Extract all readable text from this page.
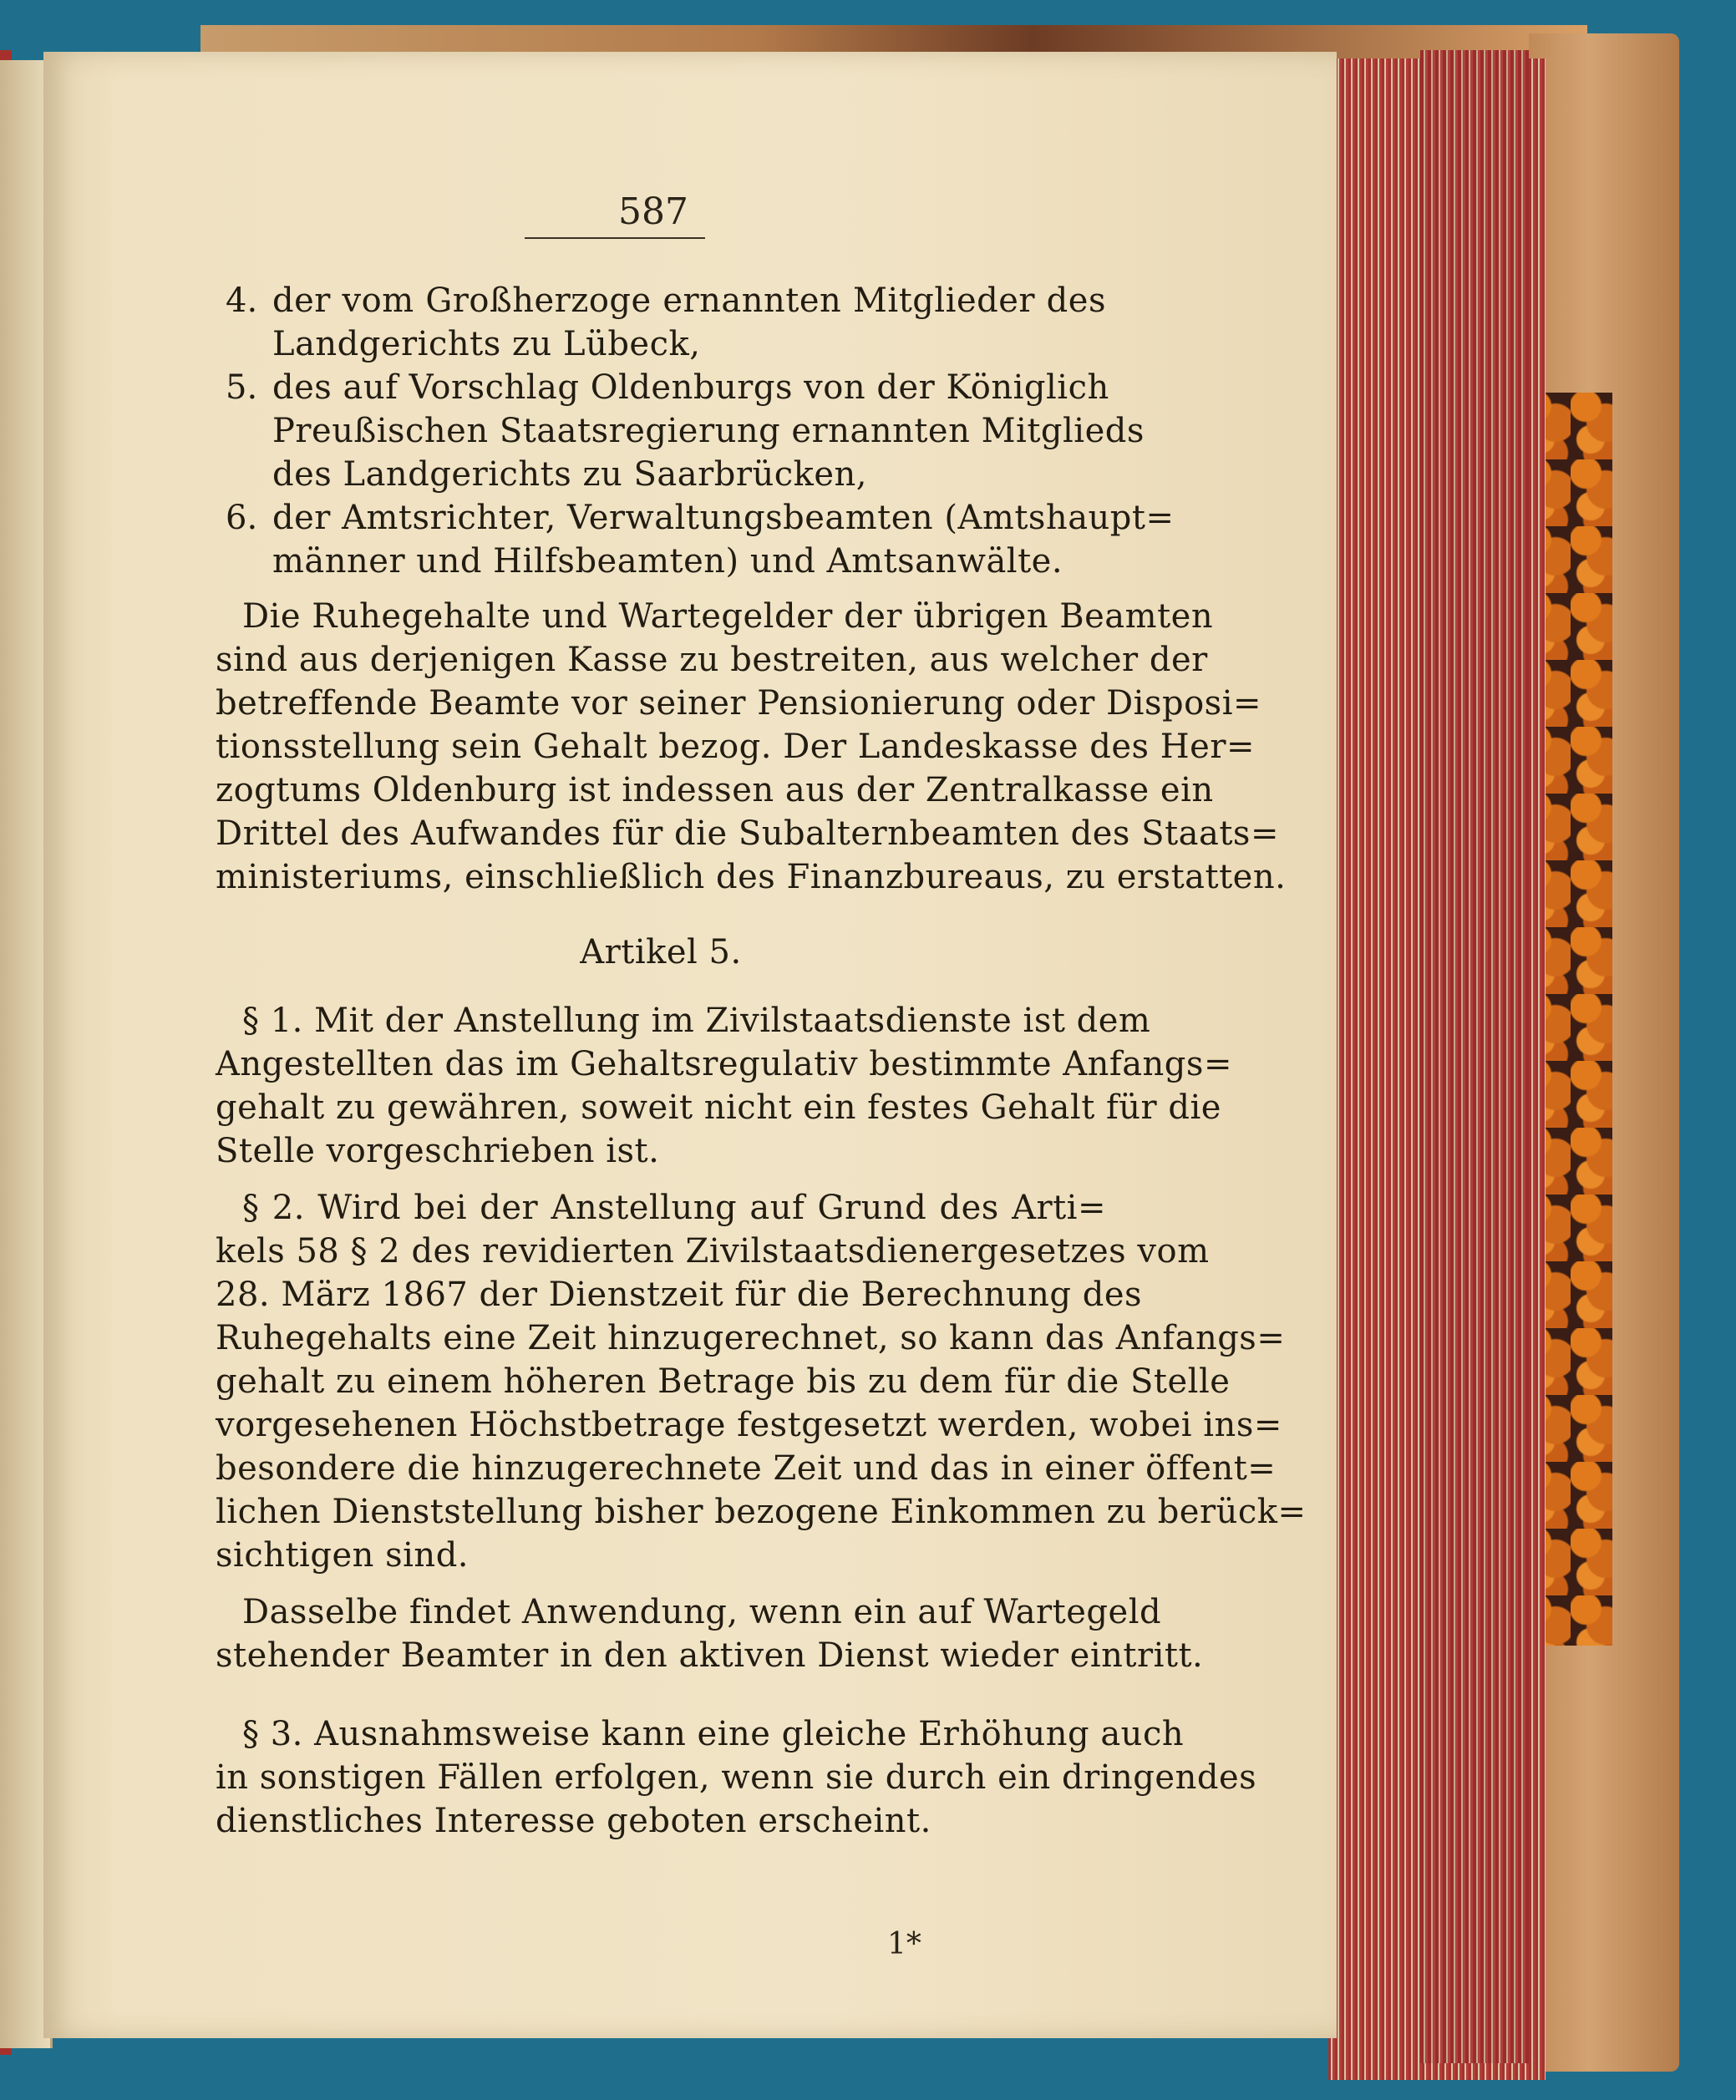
587
4. der vom Großherzoge ernannten Mitglieder des
Landgerichts zu Lübeck,
5. des auf Vorschlag Oldenburgs von der Königlich
Preußischen Staatsregierung ernannten Mitglieds
des Landgerichts zu Saarbrücken,
6. der Amtsrichter, Verwaltungsbeamten (Amtshaupt=
männer und Hilfsbeamten) und Amtsanwälte.
Die Ruhegehalte und Wartegelder der übrigen Beamten
sind aus derjenigen Kasse zu bestreiten, aus welcher der
betreffende Beamte vor seiner Pensionierung oder Disposi=
tionsstellung sein Gehalt bezog. Der Landeskasse des Her=
zogtums Oldenburg ist indessen aus der Zentralkasse ein
Drittel des Aufwandes für die Subalternbeamten des Staats=
ministeriums, einschließlich des Finanzbureaus, zu erstatten.
Artikel 5.
§ 1. Mit der Anstellung im Zivilstaatsdienste ist dem
Angestellten das im Gehaltsregulativ bestimmte Anfangs=
gehalt zu gewähren, soweit nicht ein festes Gehalt für die
Stelle vorgeschrieben ist.
§ 2. Wird bei der Anstellung auf Grund des Arti=
kels 58 § 2 des revidierten Zivilstaatsdienergesetzes vom
28. März 1867 der Dienstzeit für die Berechnung des
Ruhegehalts eine Zeit hinzugerechnet, so kann das Anfangs=
gehalt zu einem höheren Betrage bis zu dem für die Stelle
vorgesehenen Höchstbetrage festgesetzt werden, wobei ins=
besondere die hinzugerechnete Zeit und das in einer öffent=
lichen Dienststellung bisher bezogene Einkommen zu berück=
sichtigen sind.
Dasselbe findet Anwendung, wenn ein auf Wartegeld
stehender Beamter in den aktiven Dienst wieder eintritt.
§ 3. Ausnahmsweise kann eine gleiche Erhöhung auch
in sonstigen Fällen erfolgen, wenn sie durch ein dringendes
dienstliches Interesse geboten erscheint.
1*
